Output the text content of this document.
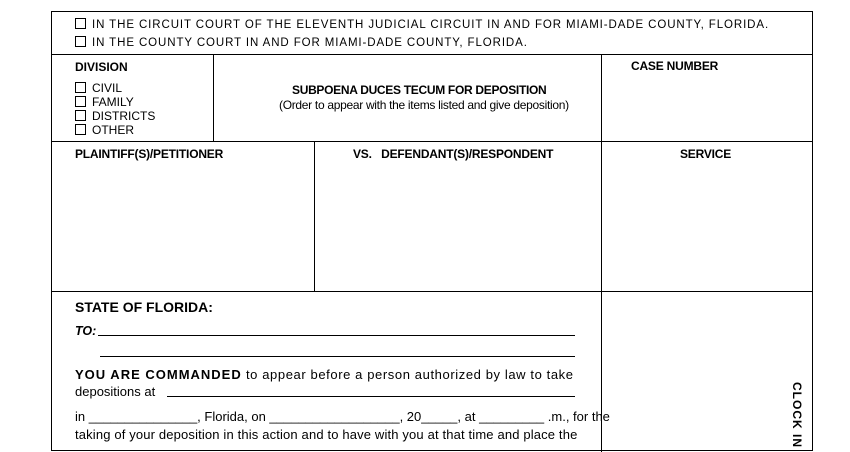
IN THE CIRCUIT COURT OF THE ELEVENTH JUDICIAL CIRCUIT IN AND FOR MIAMI-DADE COUNTY, FLORIDA.
IN THE COUNTY COURT IN AND FOR MIAMI-DADE COUNTY, FLORIDA.
DIVISION
CIVIL
FAMILY
DISTRICTS
OTHER
SUBPOENA DUCES TECUM FOR DEPOSITION
(Order to appear with the items listed and give deposition)
CASE NUMBER
PLAINTIFF(S)/PETITIONER	VS.   DEFENDANT(S)/RESPONDENT	SERVICE
STATE OF FLORIDA:
TO:
YOU ARE COMMANDED to appear before a person authorized by law to take
depositions at
in _______________, Florida, on __________________, 20_____, at _________ .m., for the
taking of your deposition in this action and to have with you at that time and place the	CLOCK IN
